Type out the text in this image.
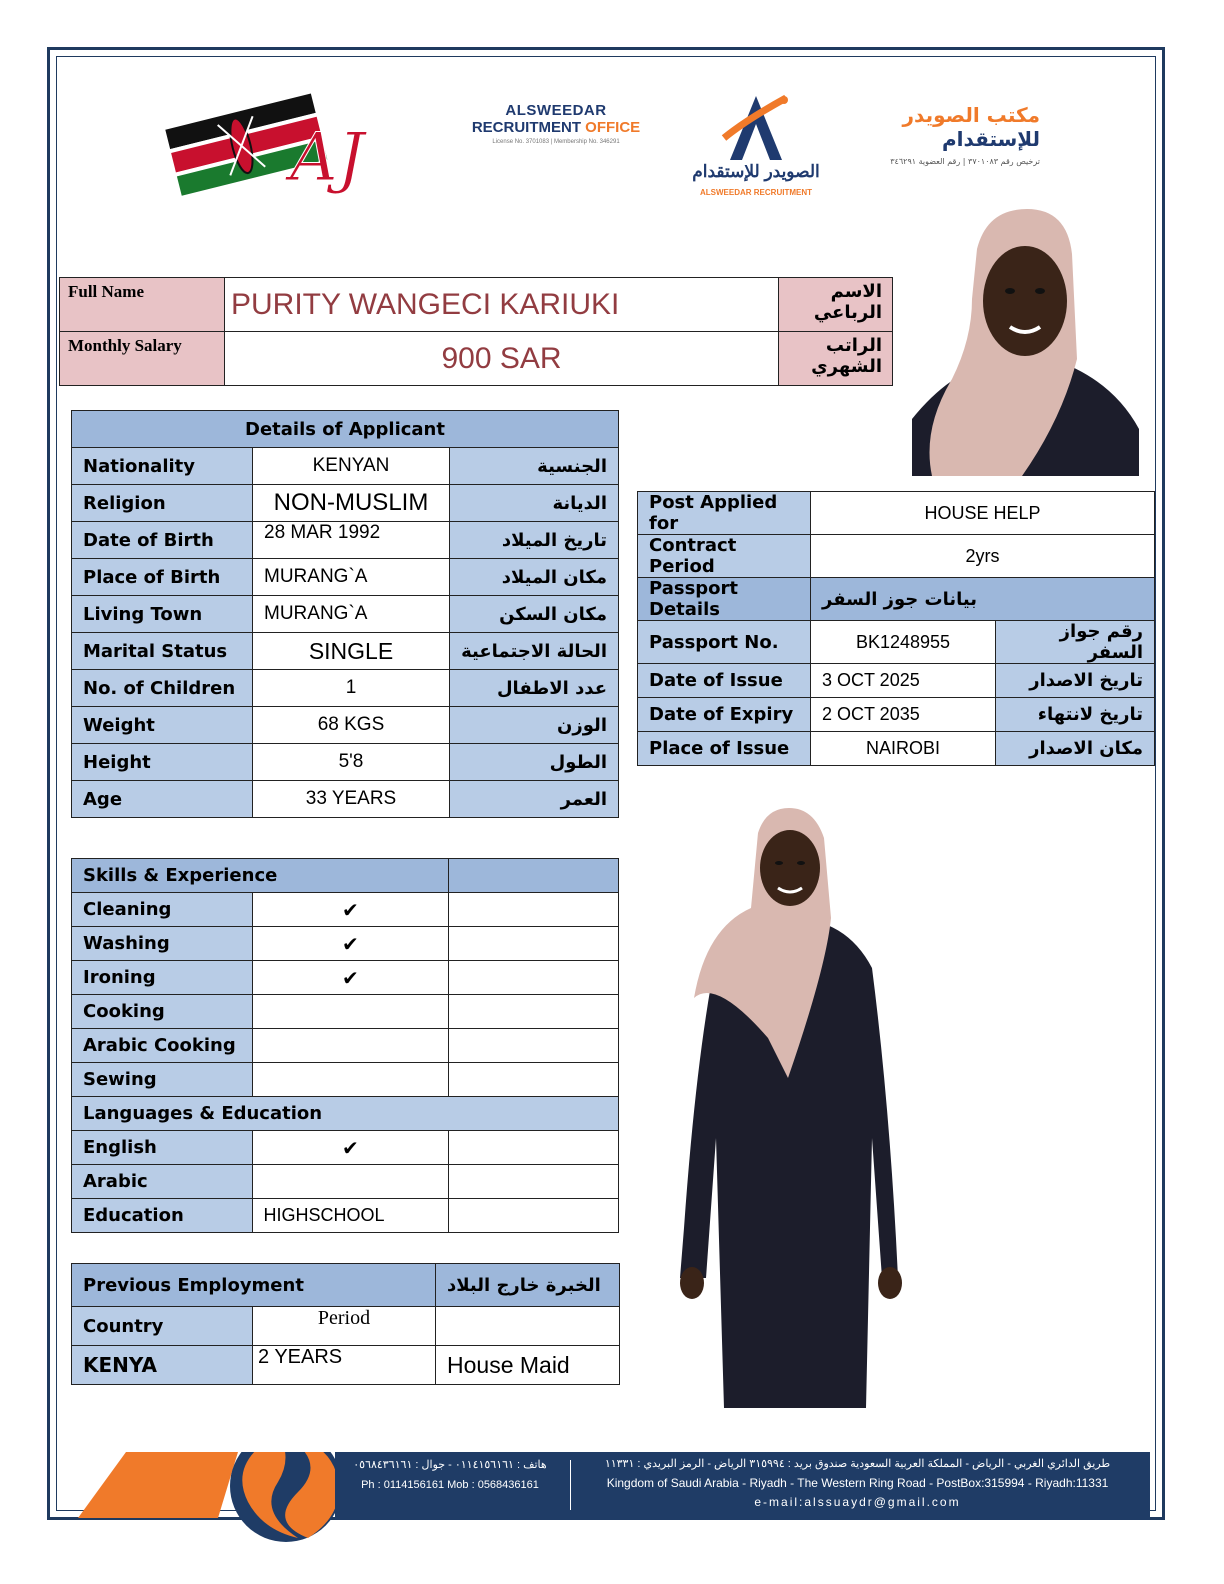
AJ
ALSWEEDAR
RECRUITMENT OFFICE
License No. 3701083 | Membership No. 346291
الصويدر للإستقدام
ALSWEEDAR RECRUITMENT
مكتب الصويدر للإستقدام
ترخيص رقم ٣٧٠١٠٨٣ | رقم العضوية ٣٤٦٢٩١
Full Name	PURITY WANGECI KARIUKI	الاسم الرباعي
Monthly Salary	900 SAR	الراتب الشهري
Details of Applicant		
Nationality	KENYAN	الجنسية
Religion	NON-MUSLIM	الديانة
Date of Birth	28 MAR 1992	تاريخ الميلاد
Place of Birth	MURANG`A	مكان الميلاد
Living Town	MURANG`A	مكان السكن
Marital Status	SINGLE	الحالة الاجتماعية
No. of Children	1	عدد الاطفال
Weight	68 KGS	الوزن
Height	5'8	الطول
Age	33 YEARS	العمر
Post Applied for	HOUSE HELP	
Contract Period	2yrs	
Passport Details	بيانات جوز السفر	
Passport No.	BK1248955	رقم جواز السفر
Date of Issue	3 OCT 2025	تاريخ الاصدار
Date of Expiry	2 OCT 2035	تاريخ لانتهاء
Place of Issue	NAIROBI	مكان الاصدار
Skills & Experience		
Cleaning	✔	
Washing	✔	
Ironing	✔	
Cooking		
Arabic Cooking		
Sewing		
Languages & Education		
English	✔	
Arabic		
Education	HIGHSCHOOL	
Previous Employment		الخبرة خارج البلاد
Country	Period	
KENYA	2 YEARS	House Maid
هاتف : ٠١١٤١٥٦١٦١ - جوال : ٠٥٦٨٤٣٦١٦١
Ph : 0114156161 Mob : 0568436161
طريق الدائري الغربي - الرياض - المملكة العربية السعودية صندوق بريد : ٣١٥٩٩٤ الرياض - الرمز البريدي : ١١٣٣١
Kingdom of Saudi Arabia - Riyadh - The Western Ring Road - PostBox:315994 - Riyadh:11331
e-mail:alssuaydr@gmail.com
